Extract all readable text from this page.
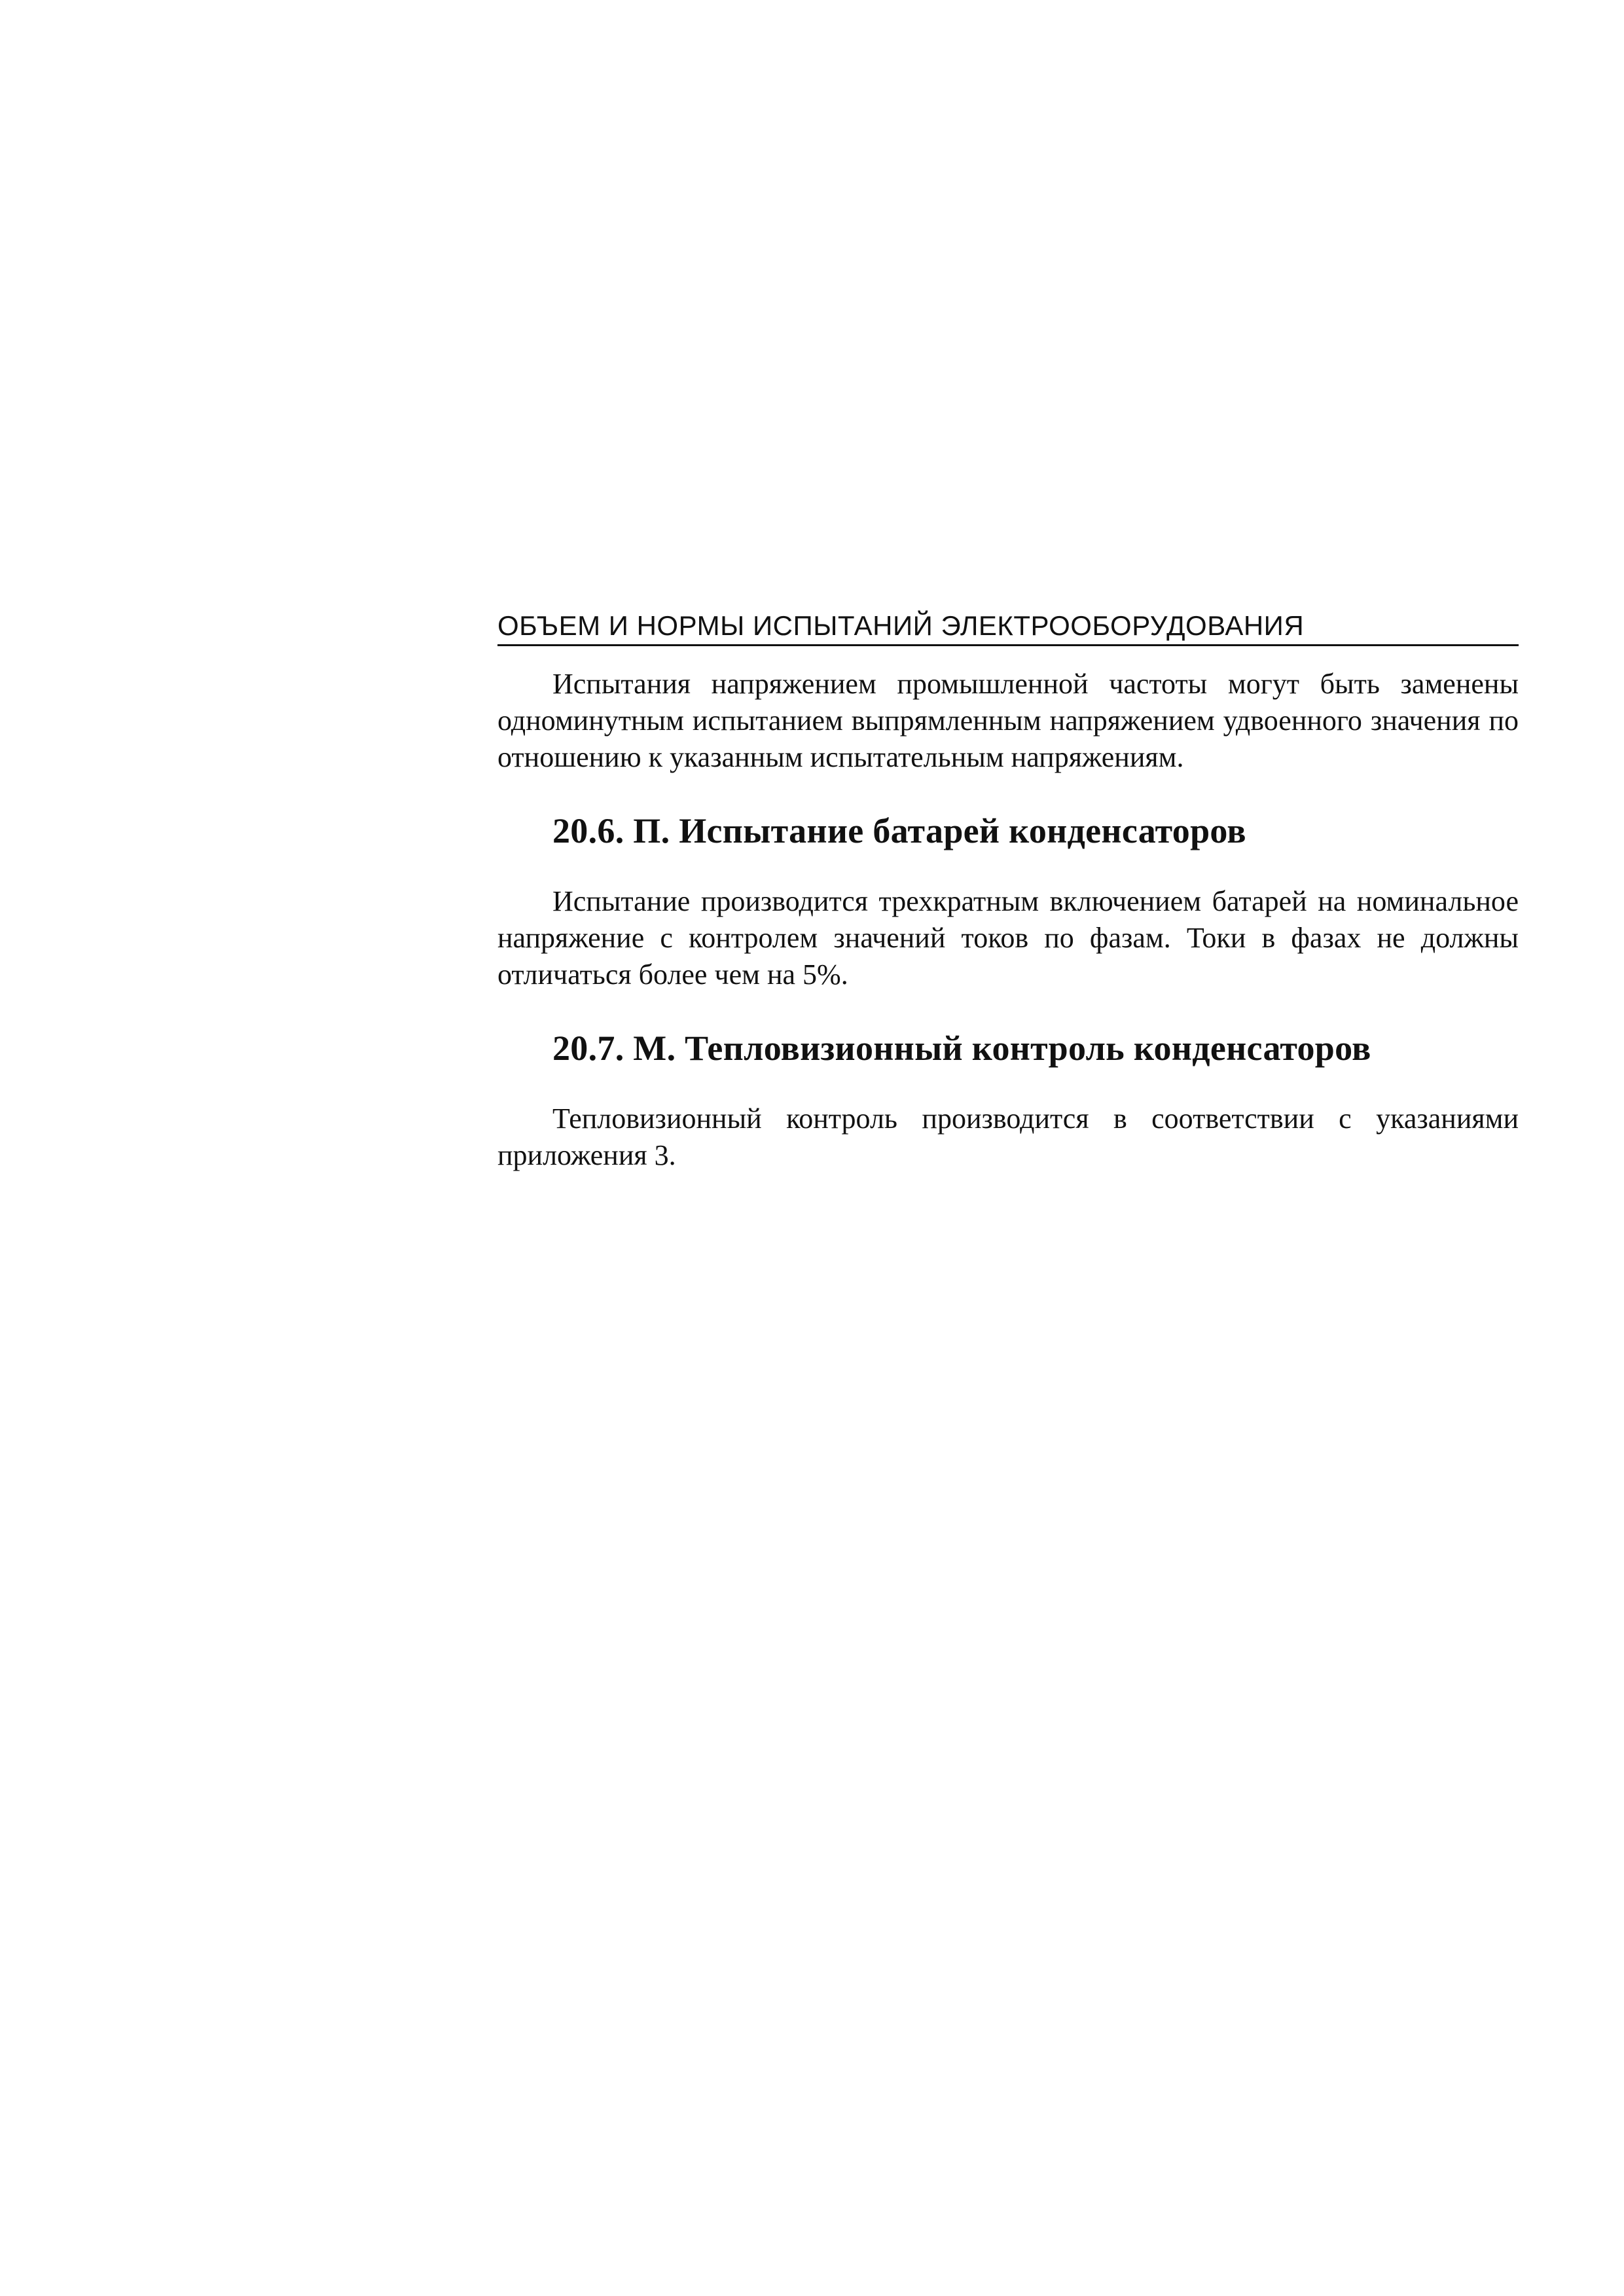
ОБЪЕМ И НОРМЫ ИСПЫТАНИЙ ЭЛЕКТРООБОРУДОВАНИЯ

Испытания напряжением промышленной частоты могут быть заменены одноминутным испытанием выпрямленным напряжением удвоенного значения по отношению к указанным испытательным напряжениям.

20.6. П. Испытание батарей конденсаторов

Испытание производится трехкратным включением батарей на номинальное напряжение с контролем значений токов по фазам. Токи в фазах не должны отличаться более чем на 5%.

20.7. М. Тепловизионный контроль конденсаторов

Тепловизионный контроль производится в соответствии с указаниями приложения 3.
